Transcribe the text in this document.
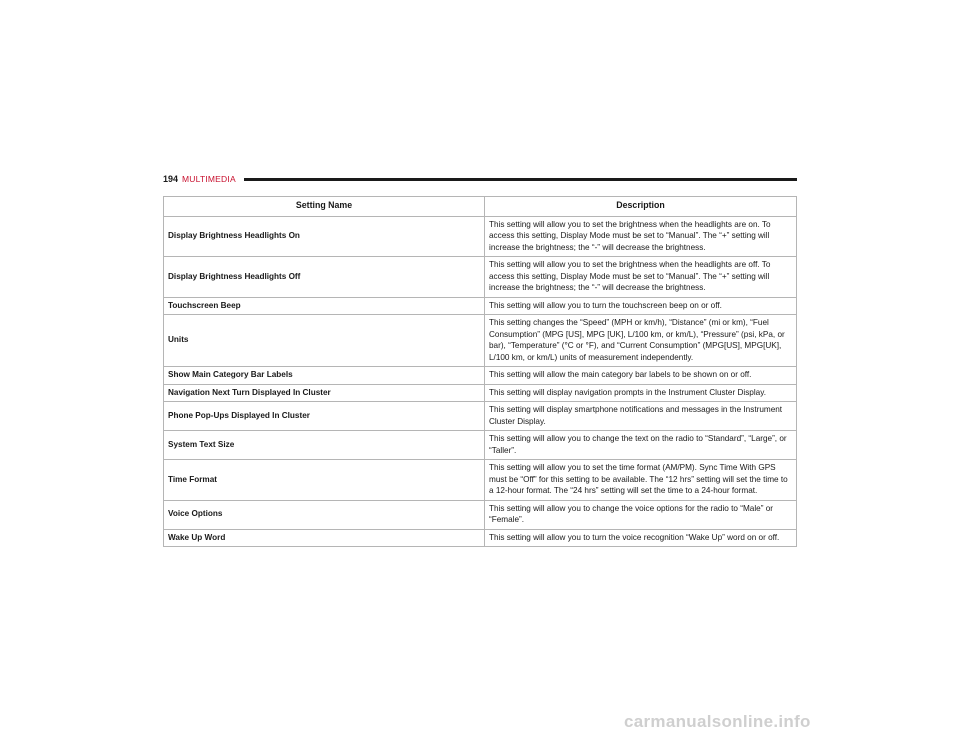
194 MULTIMEDIA
Setting Name	Description
Display Brightness Headlights On	This setting will allow you to set the brightness when the headlights are on. To access this setting, Display Mode must be set to “Manual”. The “+” setting will increase the brightness; the “-” will decrease the brightness.
Display Brightness Headlights Off	This setting will allow you to set the brightness when the headlights are off. To access this setting, Display Mode must be set to “Manual”. The “+” setting will increase the brightness; the “-” will decrease the brightness.
Touchscreen Beep	This setting will allow you to turn the touchscreen beep on or off.
Units	This setting changes the “Speed” (MPH or km/h), “Distance” (mi or km), “Fuel Consumption” (MPG [US], MPG [UK], L/100 km, or km/L), “Pressure” (psi, kPa, or bar), “Temperature” (°C or °F), and “Current Consumption” (MPG[US], MPG[UK], L/100 km, or km/L) units of measurement independently.
Show Main Category Bar Labels	This setting will allow the main category bar labels to be shown on or off.
Navigation Next Turn Displayed In Cluster	This setting will display navigation prompts in the Instrument Cluster Display.
Phone Pop-Ups Displayed In Cluster	This setting will display smartphone notifications and messages in the Instrument Cluster Display.
System Text Size	This setting will allow you to change the text on the radio to “Standard”, “Large”, or “Taller”.
Time Format	This setting will allow you to set the time format (AM/PM). Sync Time With GPS must be “Off” for this setting to be available. The “12 hrs” setting will set the time to a 12-hour format. The “24 hrs” setting will set the time to a 24-hour format.
Voice Options	This setting will allow you to change the voice options for the radio to “Male” or “Female”.
Wake Up Word	This setting will allow you to turn the voice recognition “Wake Up” word on or off.
carmanualsonline.info
